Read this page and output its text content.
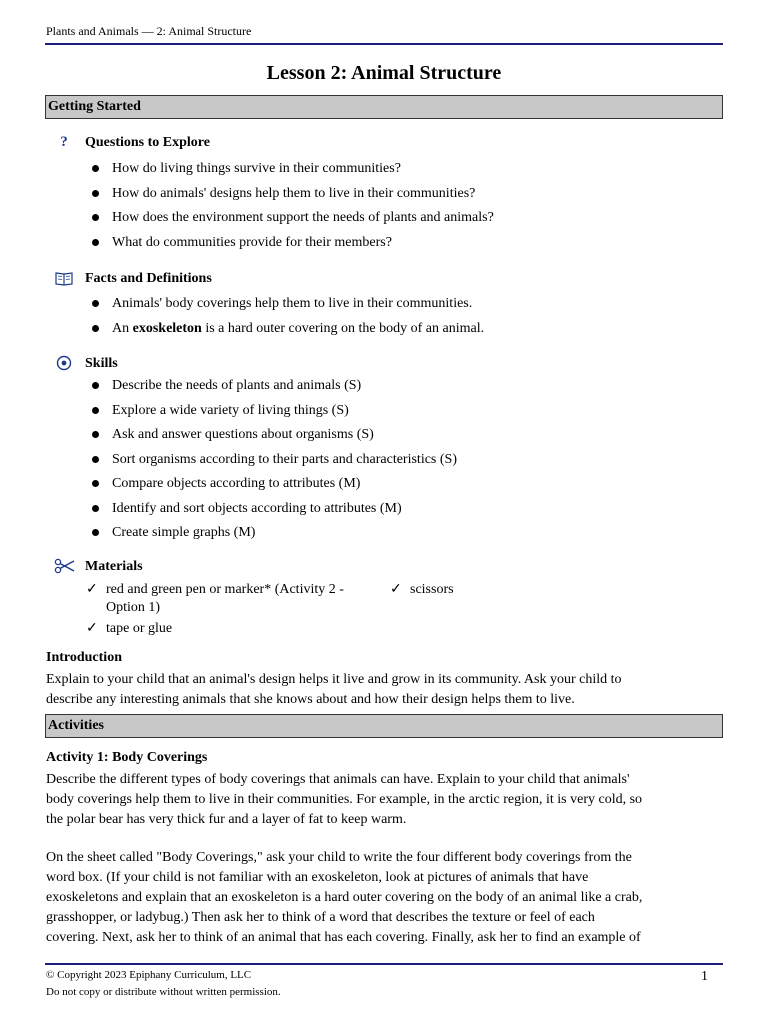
Plants and Animals — 2: Animal Structure
Lesson 2: Animal Structure
Getting Started
?	Questions to Explore
How do living things survive in their communities?
How do animals' designs help them to live in their communities?
How does the environment support the needs of plants and animals?
What do communities provide for their members?
Facts and Definitions
Animals' body coverings help them to live in their communities.
An exoskeleton is a hard outer covering on the body of an animal.
Skills
Describe the needs of plants and animals (S)
Explore a wide variety of living things (S)
Ask and answer questions about organisms (S)
Sort organisms according to their parts and characteristics (S)
Compare objects according to attributes (M)
Identify and sort objects according to attributes (M)
Create simple graphs (M)
Materials
✓ red and green pen or marker* (Activity 2 -
Option 1)
✓ scissors
✓ tape or glue
Introduction
Explain to your child that an animal's design helps it live and grow in its community. Ask your child to
describe any interesting animals that she knows about and how their design helps them to live.
Activities
Activity 1: Body Coverings
Describe the different types of body coverings that animals can have. Explain to your child that animals'
body coverings help them to live in their communities. For example, in the arctic region, it is very cold, so
the polar bear has very thick fur and a layer of fat to keep warm.
On the sheet called "Body Coverings," ask your child to write the four different body coverings from the
word box. (If your child is not familiar with an exoskeleton, look at pictures of animals that have
exoskeletons and explain that an exoskeleton is a hard outer covering on the body of an animal like a crab,
grasshopper, or ladybug.) Then ask her to think of a word that describes the texture or feel of each
covering. Next, ask her to think of an animal that has each covering. Finally, ask her to find an example of
© Copyright 2023 Epiphany Curriculum, LLC
Do not copy or distribute without written permission.
1
